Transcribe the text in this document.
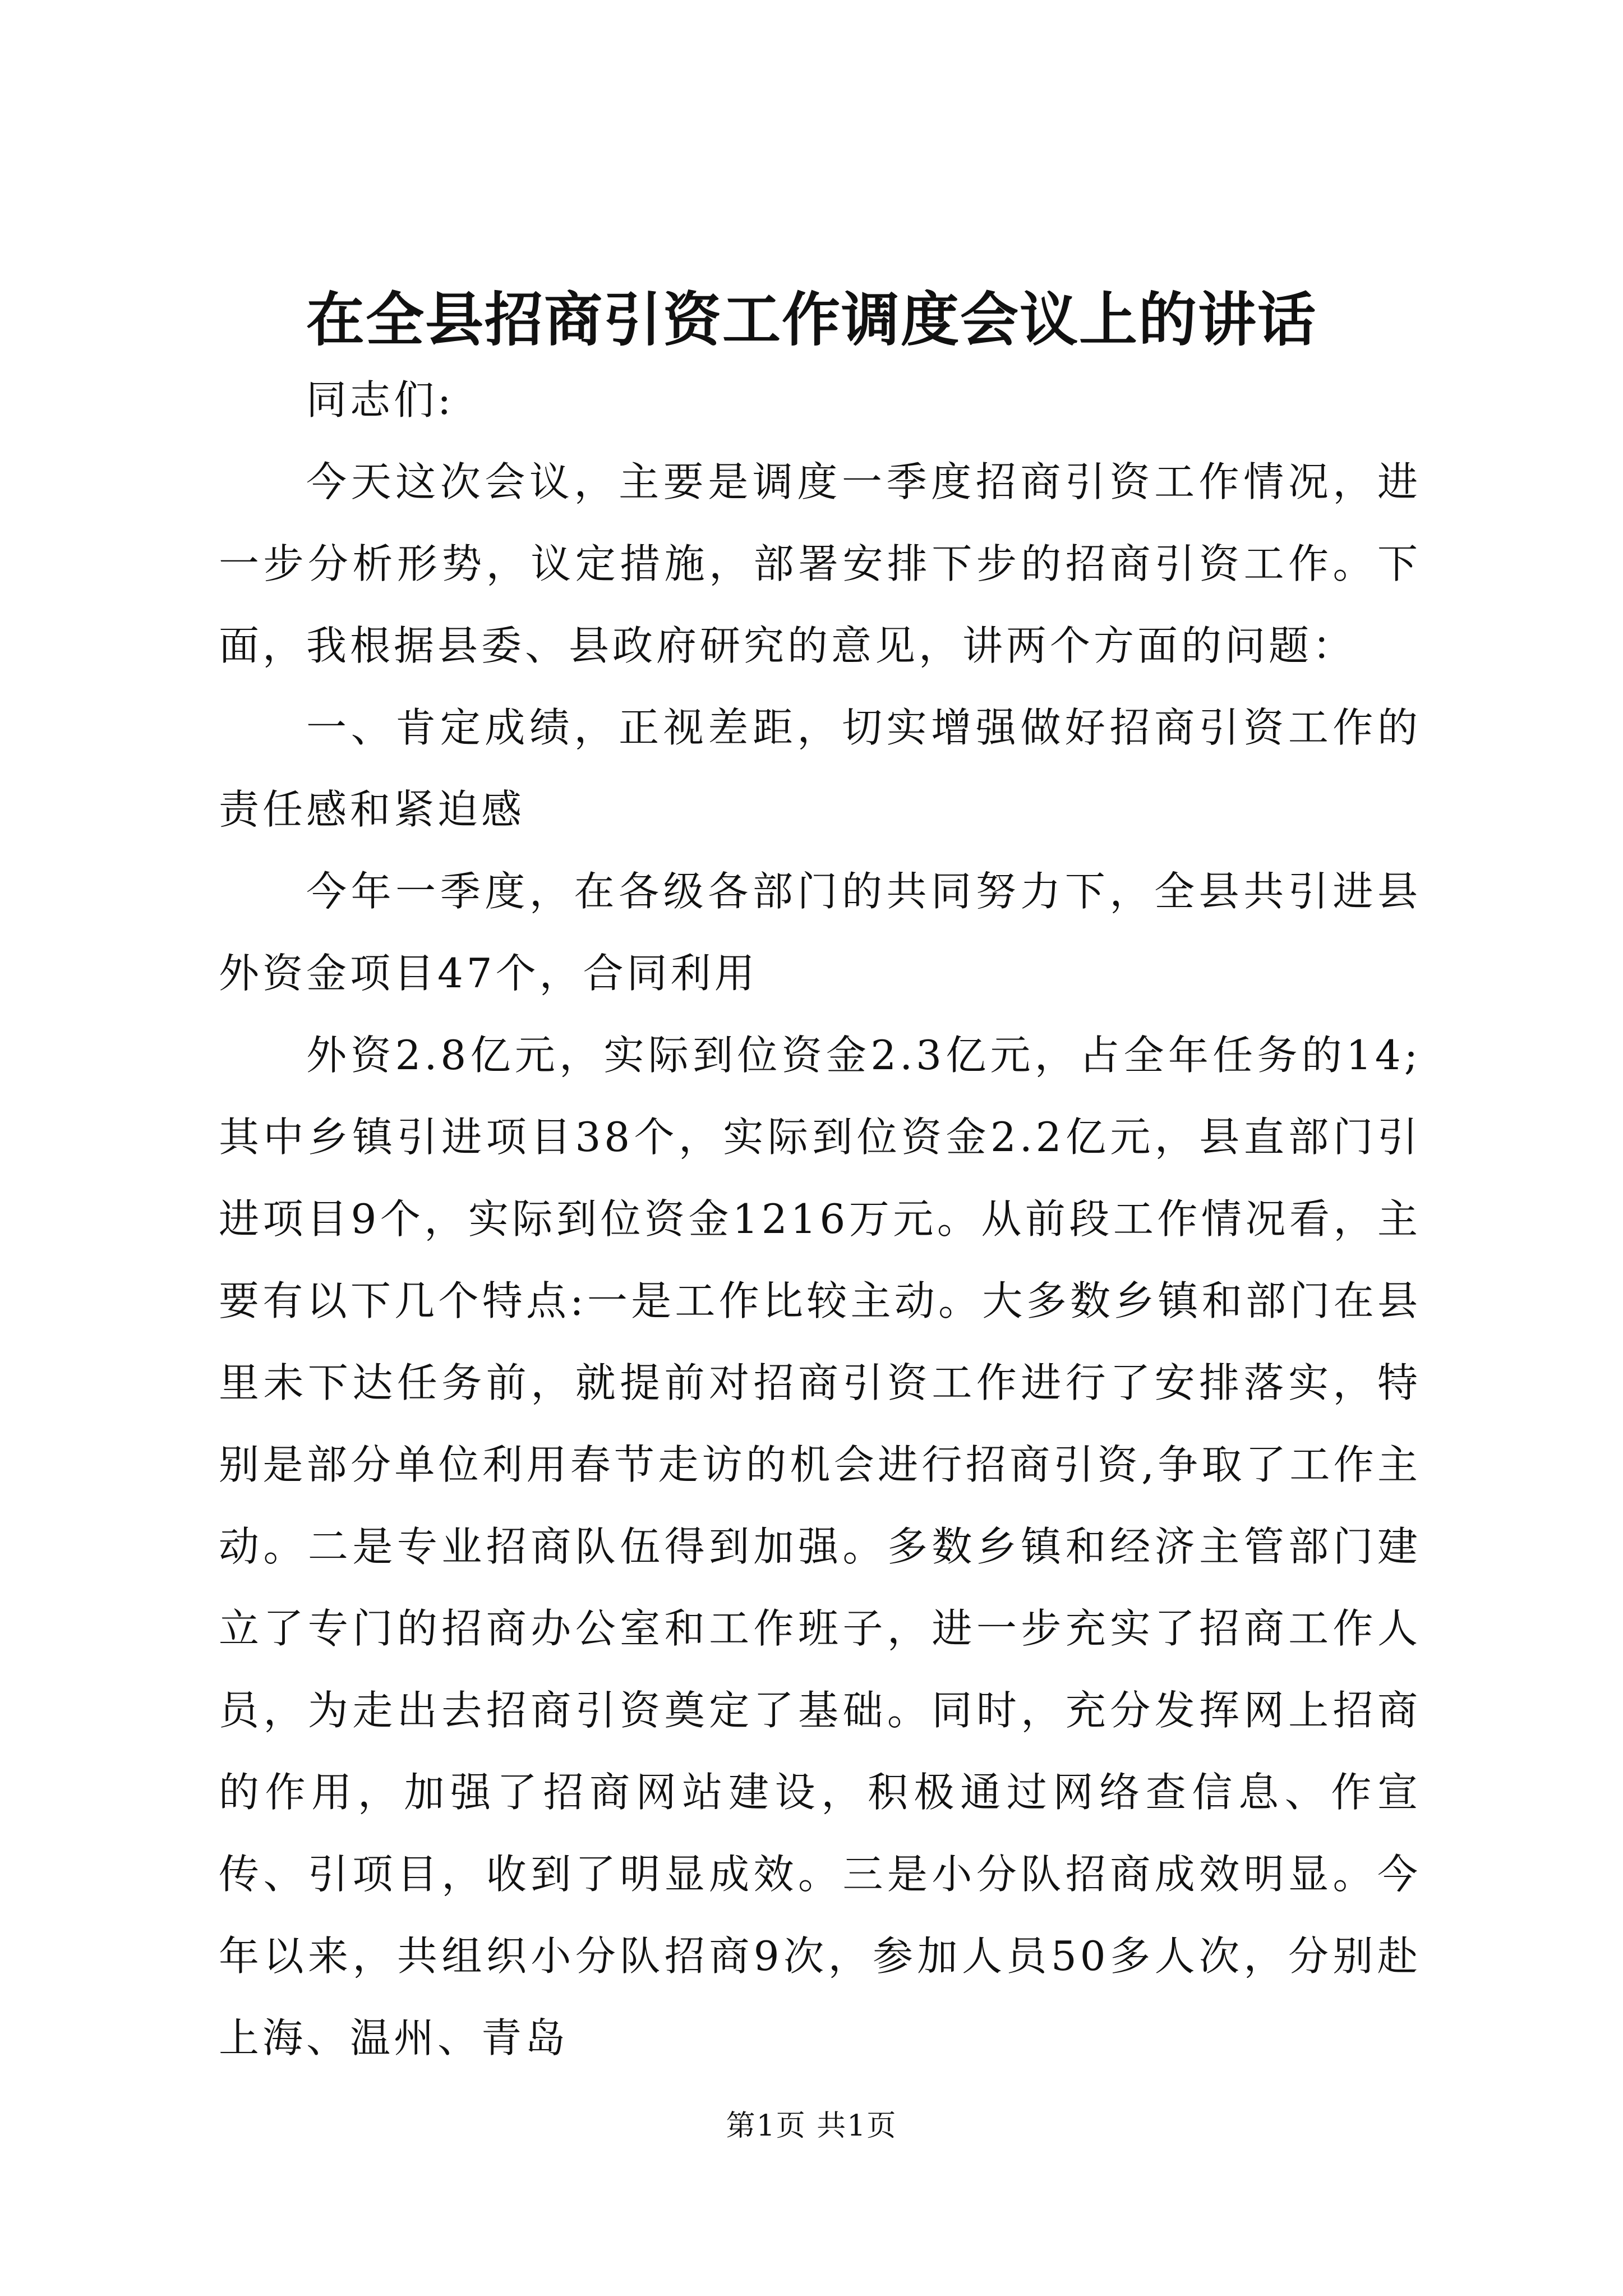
在全县招商引资工作调度会议上的讲话

同志们:

今天这次会议，主要是调度一季度招商引资工作情况，进一步分析形势，议定措施，部署安排下步的招商引资工作。下面，我根据县委、县政府研究的意见，讲两个方面的问题：

一、肯定成绩，正视差距，切实增强做好招商引资工作的责任感和紧迫感

今年一季度，在各级各部门的共同努力下，全县共引进县外资金项目47个，合同利用

外资2.8亿元，实际到位资金2.3亿元，占全年任务的14;其中乡镇引进项目38个，实际到位资金2.2亿元，县直部门引进项目9个，实际到位资金1216万元。从前段工作情况看，主要有以下几个特点:一是工作比较主动。大多数乡镇和部门在县里未下达任务前，就提前对招商引资工作进行了安排落实，特别是部分单位利用春节走访的机会进行招商引资,争取了工作主动。二是专业招商队伍得到加强。多数乡镇和经济主管部门建立了专门的招商办公室和工作班子，进一步充实了招商工作人员，为走出去招商引资奠定了基础。同时，充分发挥网上招商的作用，加强了招商网站建设，积极通过网络查信息、作宣传、引项目，收到了明显成效。三是小分队招商成效明显。今年以来，共组织小分队招商9次，参加人员50多人次，分别赴上海、温州、青岛

第1页 共1页
